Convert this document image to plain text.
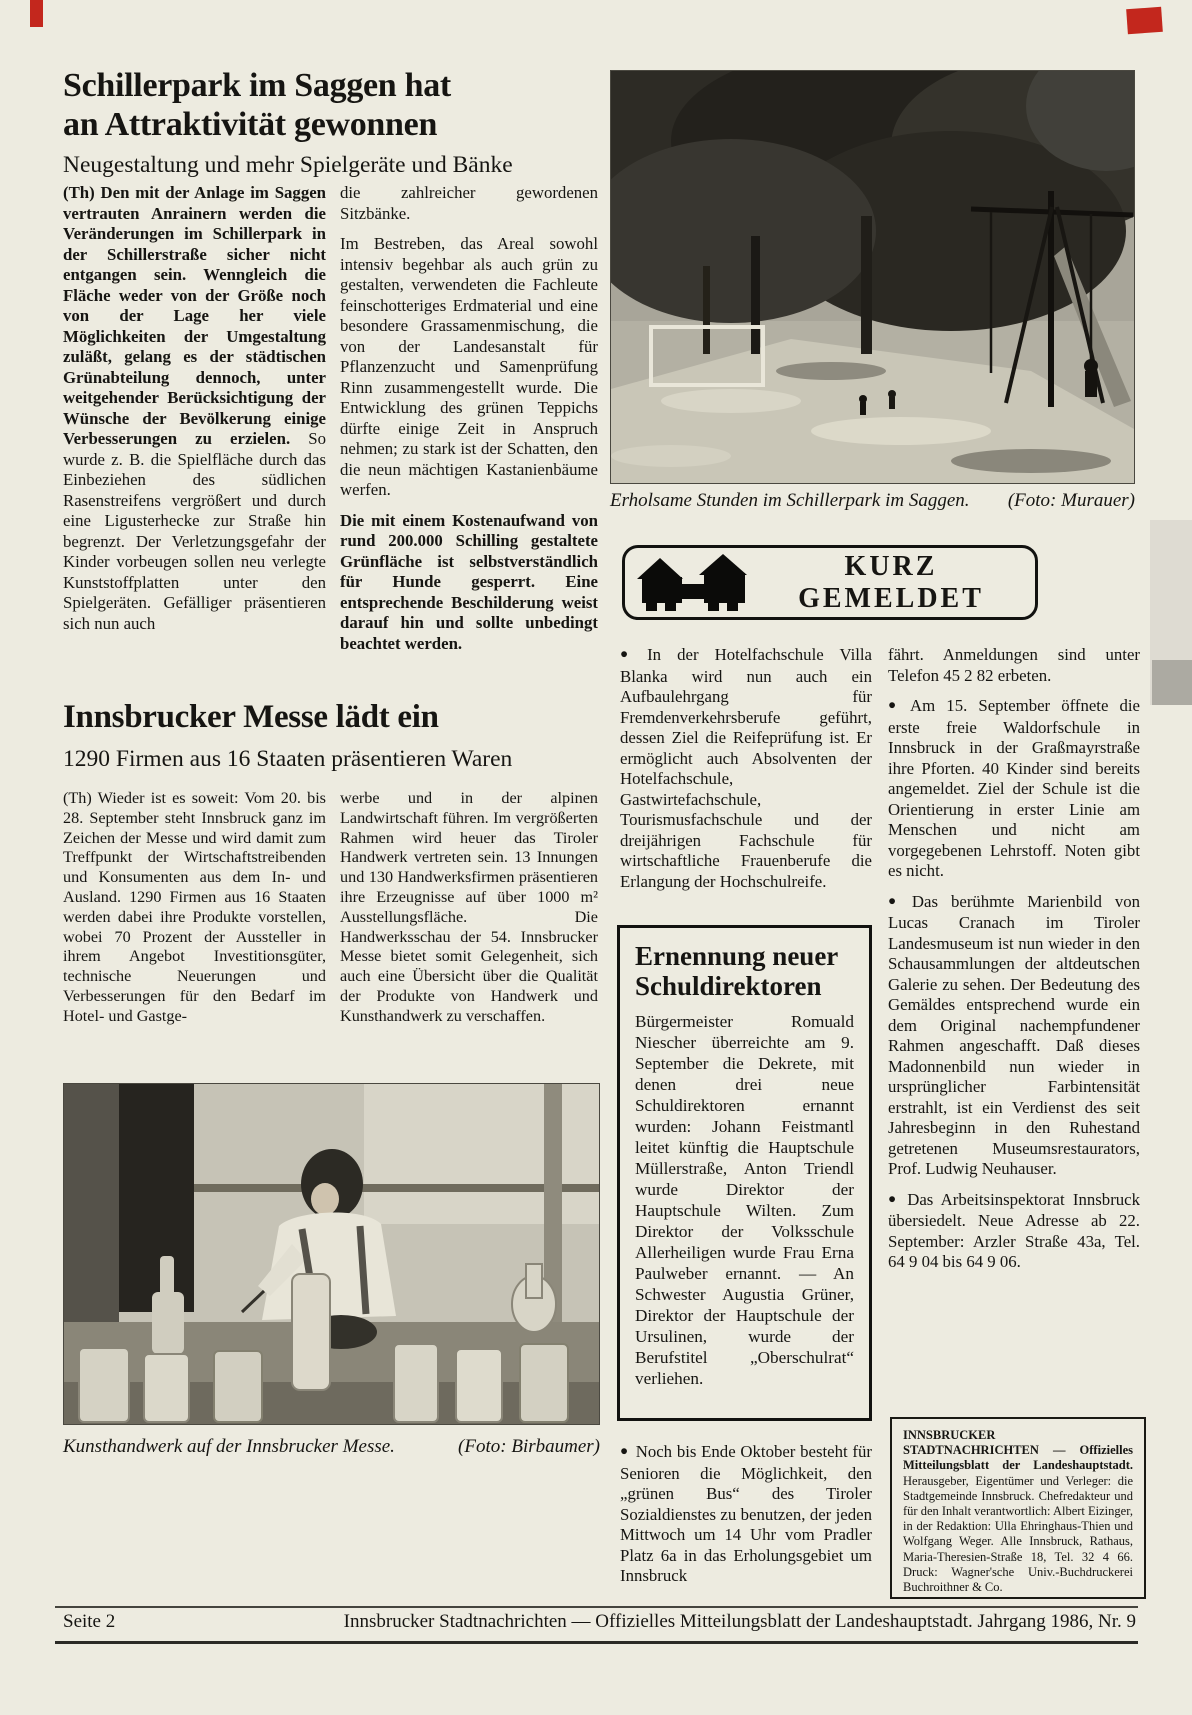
Schillerpark im Saggen hat
an Attraktivität gewonnen
Neugestaltung und mehr Spielgeräte und Bänke

(Th) Den mit der Anlage im Saggen vertrauten Anrainern werden die Veränderungen im Schillerpark in der Schillerstraße sicher nicht entgangen sein. Wenngleich die Fläche weder von der Größe noch von der Lage her viele Möglichkeiten der Umgestaltung zuläßt, gelang es der städtischen Grünabteilung dennoch, unter weitgehender Berücksichtigung der Wünsche der Bevölkerung einige Verbesserungen zu erzielen. So wurde z. B. die Spielfläche durch das Einbeziehen des südlichen Rasenstreifens vergrößert und durch eine Ligusterhecke zur Straße hin begrenzt. Der Verletzungsgefahr der Kinder vorbeugen sollen neu verlegte Kunststoffplatten unter den Spielgeräten. Gefälliger präsentieren sich nun auch

die zahlreicher gewordenen Sitzbänke.

Im Bestreben, das Areal sowohl intensiv begehbar als auch grün zu gestalten, verwendeten die Fachleute feinschotteriges Erdmaterial und eine besondere Grassamenmischung, die von der Landesanstalt für Pflanzenzucht und Samenprüfung Rinn zusammengestellt wurde. Die Entwicklung des grünen Teppichs dürfte einige Zeit in Anspruch nehmen; zu stark ist der Schatten, den die neun mächtigen Kastanienbäume werfen.

Die mit einem Kostenaufwand von rund 200.000 Schilling gestaltete Grünfläche ist selbstverständlich für Hunde gesperrt. Eine entsprechende Beschilderung weist darauf hin und sollte unbedingt beachtet werden.

Erholsame Stunden im Schillerpark im Saggen. (Foto: Murauer)
KURZ GEMELDET

● In der Hotelfachschule Villa Blanka wird nun auch ein Aufbaulehrgang für Fremdenverkehrsberufe geführt, dessen Ziel die Reifeprüfung ist. Er ermöglicht auch Absolventen der Hotelfachschule, Gastwirtefachschule, Tourismusfachschule und der dreijährigen Fachschule für wirtschaftliche Frauenberufe die Erlangung der Hochschulreife.

Ernennung neuer
Schuldirektoren
Bürgermeister Romuald Niescher überreichte am 9. September die Dekrete, mit denen drei neue Schuldirektoren ernannt wurden: Johann Feistmantl leitet künftig die Hauptschule Müllerstraße, Anton Triendl wurde Direktor der Hauptschule Wilten. Zum Direktor der Volksschule Allerheiligen wurde Frau Erna Paulweber ernannt. — An Schwester Augustia Grüner, Direktor der Hauptschule der Ursulinen, wurde der Berufstitel „Oberschulrat“ verliehen.

● Noch bis Ende Oktober besteht für Senioren die Möglichkeit, den „grünen Bus“ des Tiroler Sozialdienstes zu benutzen, der jeden Mittwoch um 14 Uhr vom Pradler Platz 6a in das Erholungsgebiet um Innsbruck

fährt. Anmeldungen sind unter Telefon 45 2 82 erbeten.

● Am 15. September öffnete die erste freie Waldorfschule in Innsbruck in der Graßmayrstraße ihre Pforten. 40 Kinder sind bereits angemeldet. Ziel der Schule ist die Orientierung in erster Linie am Menschen und nicht am vorgegebenen Lehrstoff. Noten gibt es nicht.

● Das berühmte Marienbild von Lucas Cranach im Tiroler Landesmuseum ist nun wieder in den Schausammlungen der altdeutschen Galerie zu sehen. Der Bedeutung des Gemäldes entsprechend wurde ein dem Original nachempfundener Rahmen angeschafft. Daß dieses Madonnenbild nun wieder in ursprünglicher Farbintensität erstrahlt, ist ein Verdienst des seit Jahresbeginn in den Ruhestand getretenen Museumsrestaurators, Prof. Ludwig Neuhauser.

● Das Arbeitsinspektorat Innsbruck übersiedelt. Neue Adresse ab 22. September: Arzler Straße 43a, Tel. 64 9 04 bis 64 9 06.

INNSBRUCKER STADTNACHRICHTEN — Offizielles Mitteilungsblatt der Landeshauptstadt. Herausgeber, Eigentümer und Verleger: die Stadtgemeinde Innsbruck. Chefredakteur und für den Inhalt verantwortlich: Albert Eizinger, in der Redaktion: Ulla Ehringhaus-Thien und Wolfgang Weger. Alle Innsbruck, Rathaus, Maria-Theresien-Straße 18, Tel. 32 4 66. Druck: Wagner'sche Univ.-Buchdruckerei Buchroithner & Co.
Innsbrucker Messe lädt ein
1290 Firmen aus 16 Staaten präsentieren Waren

(Th) Wieder ist es soweit: Vom 20. bis 28. September steht Innsbruck ganz im Zeichen der Messe und wird damit zum Treffpunkt der Wirtschaftstreibenden und Konsumenten aus dem In- und Ausland. 1290 Firmen aus 16 Staaten werden dabei ihre Produkte vorstellen, wobei 70 Prozent der Aussteller in ihrem Angebot Investitionsgüter, technische Neuerungen und Verbesserungen für den Bedarf im Hotel- und Gastge-

werbe und in der alpinen Landwirtschaft führen. Im vergrößerten Rahmen wird heuer das Tiroler Handwerk vertreten sein. 13 Innungen und 130 Handwerksfirmen präsentieren ihre Erzeugnisse auf über 1000 m² Ausstellungsfläche. Die Handwerksschau der 54. Innsbrucker Messe bietet somit Gelegenheit, sich auch eine Übersicht über die Qualität der Produkte von Handwerk und Kunsthandwerk zu verschaffen.

Kunsthandwerk auf der Innsbrucker Messe.	(Foto: Birbaumer)
Seite 2	Innsbrucker Stadtnachrichten — Offizielles Mitteilungsblatt der Landeshauptstadt. Jahrgang 1986, Nr. 9
